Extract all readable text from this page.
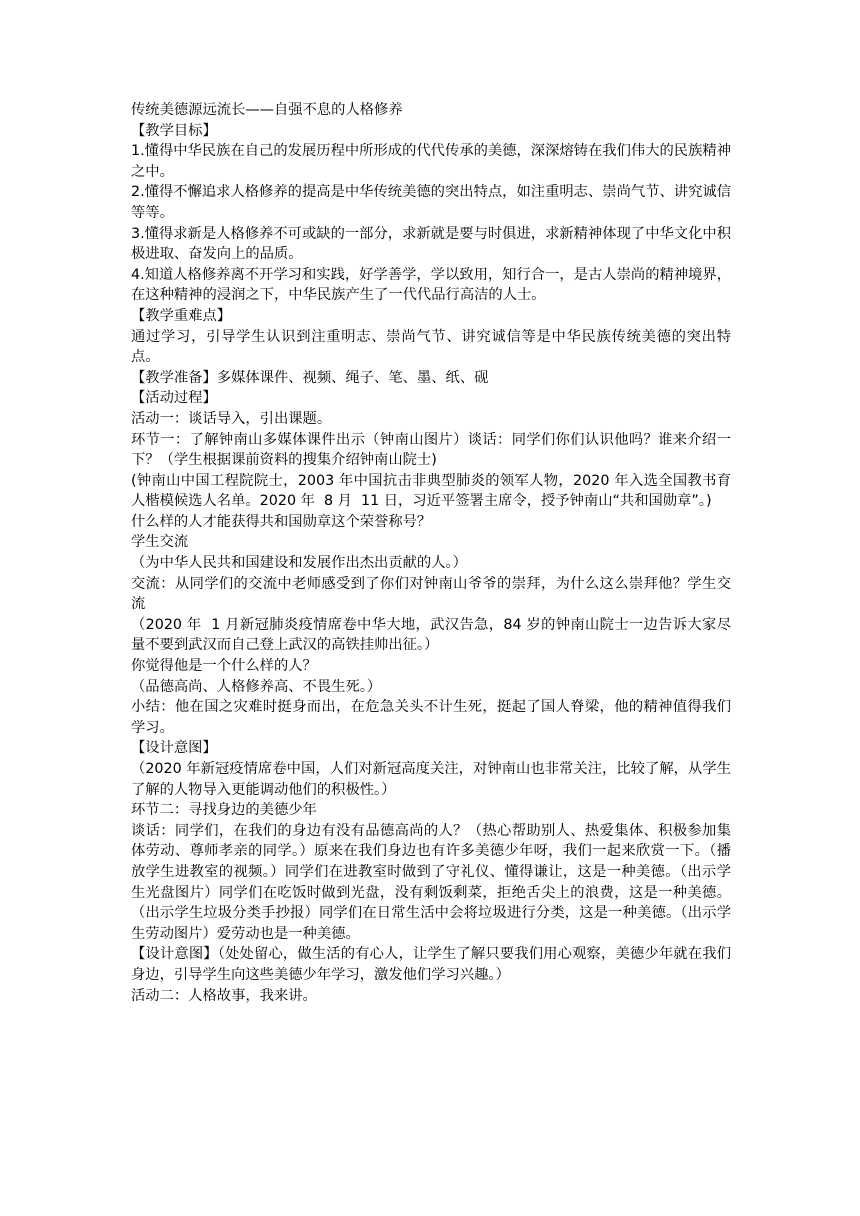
传统美德源远流长——自强不息的人格修养
【教学目标】
1.懂得中华民族在自己的发展历程中所形成的代代传承的美德，深深熔铸在我们伟大的民族精神之中。
2.懂得不懈追求人格修养的提高是中华传统美德的突出特点，如注重明志、崇尚气节、讲究诚信等等。
3.懂得求新是人格修养不可或缺的一部分，求新就是要与时俱进，求新精神体现了中华文化中积极进取、奋发向上的品质。
4.知道人格修养离不开学习和实践，好学善学，学以致用，知行合一，是古人崇尚的精神境界，在这种精神的浸润之下，中华民族产生了一代代品行高洁的人士。
【教学重难点】
通过学习，引导学生认识到注重明志、崇尚气节、讲究诚信等是中华民族传统美德的突出特点。
【教学准备】多媒体课件、视频、绳子、笔、墨、纸、砚
【活动过程】
活动一：谈话导入，引出课题。
环节一：了解钟南山多媒体课件出示（钟南山图片）谈话：同学们你们认识他吗？谁来介绍一下？（学生根据课前资料的搜集介绍钟南山院士)
(钟南山中国工程院院士，2003 年中国抗击非典型肺炎的领军人物，2020 年入选全国教书育人楷模候选人名单。2020 年  8 月  11 日，习近平签署主席令，授予钟南山“共和国勋章”。)
什么样的人才能获得共和国勋章这个荣誉称号？
学生交流
（为中华人民共和国建设和发展作出杰出贡献的人。）
交流：从同学们的交流中老师感受到了你们对钟南山爷爷的崇拜，为什么这么崇拜他？学生交流
（2020 年  1 月新冠肺炎疫情席卷中华大地，武汉告急，84 岁的钟南山院士一边告诉大家尽量不要到武汉而自己登上武汉的高铁挂帅出征。）
你觉得他是一个什么样的人？
（品德高尚、人格修养高、不畏生死。）
小结：他在国之灾难时挺身而出，在危急关头不计生死，挺起了国人脊梁，他的精神值得我们学习。
【设计意图】
（2020 年新冠疫情席卷中国，人们对新冠高度关注，对钟南山也非常关注，比较了解，从学生了解的人物导入更能调动他们的积极性。）
环节二：寻找身边的美德少年
谈话：同学们，在我们的身边有没有品德高尚的人？（热心帮助别人、热爱集体、积极参加集体劳动、尊师孝亲的同学。）原来在我们身边也有许多美德少年呀，我们一起来欣赏一下。（播放学生进教室的视频。）同学们在进教室时做到了守礼仪、懂得谦让，这是一种美德。（出示学生光盘图片）同学们在吃饭时做到光盘，没有剩饭剩菜，拒绝舌尖上的浪费，这是一种美德。（出示学生垃圾分类手抄报）同学们在日常生活中会将垃圾进行分类，这是一种美德。（出示学生劳动图片）爱劳动也是一种美德。
【设计意图】（处处留心，做生活的有心人，让学生了解只要我们用心观察，美德少年就在我们身边，引导学生向这些美德少年学习，激发他们学习兴趣。）
活动二：人格故事，我来讲。
